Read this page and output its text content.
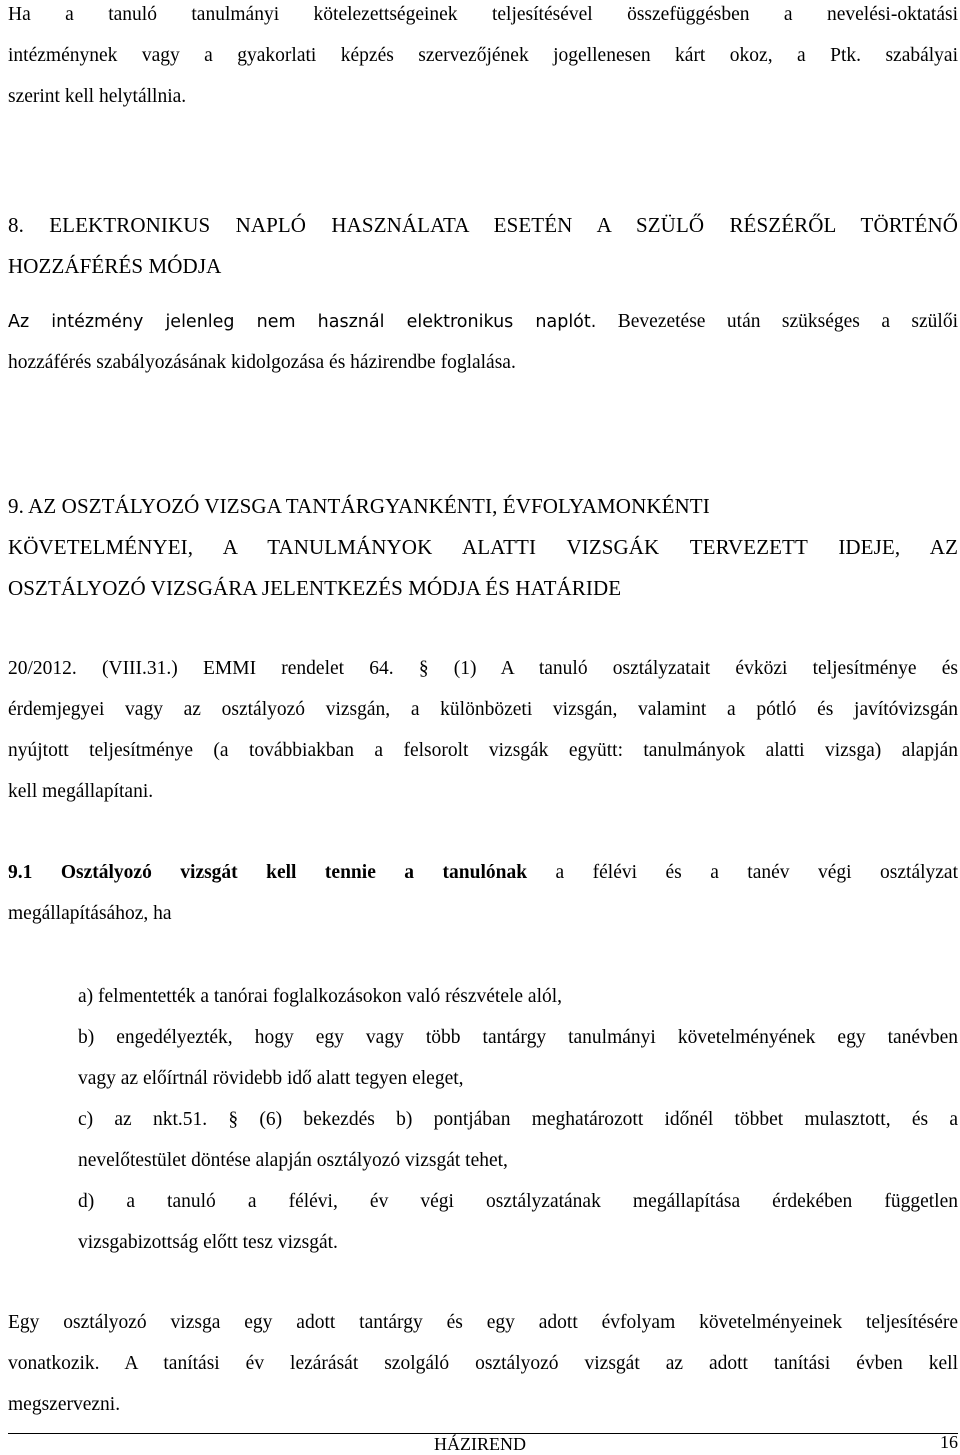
Ha a tanuló tanulmányi kötelezettségeinek teljesítésével összefüggésben a nevelési-oktatási
intézménynek vagy a gyakorlati képzés szervezőjének jogellenesen kárt okoz, a Ptk. szabályai
szerint kell helytállnia.
8. ELEKTRONIKUS NAPLÓ HASZNÁLATA ESETÉN A SZÜLŐ RÉSZÉRŐL TÖRTÉNŐ
HOZZÁFÉRÉS MÓDJA
Az intézmény jelenleg nem használ elektronikus naplót. Bevezetése után szükséges a szülői
hozzáférés szabályozásának kidolgozása és házirendbe foglalása.
9. AZ OSZTÁLYOZÓ VIZSGA TANTÁRGYANKÉNTI, ÉVFOLYAMONKÉNTI
KÖVETELMÉNYEI, A TANULMÁNYOK ALATTI VIZSGÁK TERVEZETT IDEJE, AZ
OSZTÁLYOZÓ VIZSGÁRA JELENTKEZÉS MÓDJA ÉS HATÁRIDE
20/2012. (VIII.31.) EMMI rendelet 64. § (1) A tanuló osztályzatait évközi teljesítménye és
érdemjegyei vagy az osztályozó vizsgán, a különbözeti vizsgán, valamint a pótló és javítóvizsgán
nyújtott teljesítménye (a továbbiakban a felsorolt vizsgák együtt: tanulmányok alatti vizsga) alapján
kell megállapítani.
9.1 Osztályozó vizsgát kell tennie a tanulónak a félévi és a tanév végi osztályzat
megállapításához, ha
a) felmentették a tanórai foglalkozásokon való részvétele alól,
b) engedélyezték, hogy egy vagy több tantárgy tanulmányi követelményének egy tanévben
vagy az előírtnál rövidebb idő alatt tegyen eleget,
c) az nkt.51. § (6) bekezdés b) pontjában meghatározott időnél többet mulasztott, és a
nevelőtestület döntése alapján osztályozó vizsgát tehet,
d) a tanuló a félévi, év végi osztályzatának megállapítása érdekében független
vizsgabizottság előtt tesz vizsgát.
Egy osztályozó vizsga egy adott tantárgy és egy adott évfolyam követelményeinek teljesítésére
vonatkozik. A tanítási év lezárását szolgáló osztályozó vizsgát az adott tanítási évben kell
megszervezni.
HÁZIREND	16
